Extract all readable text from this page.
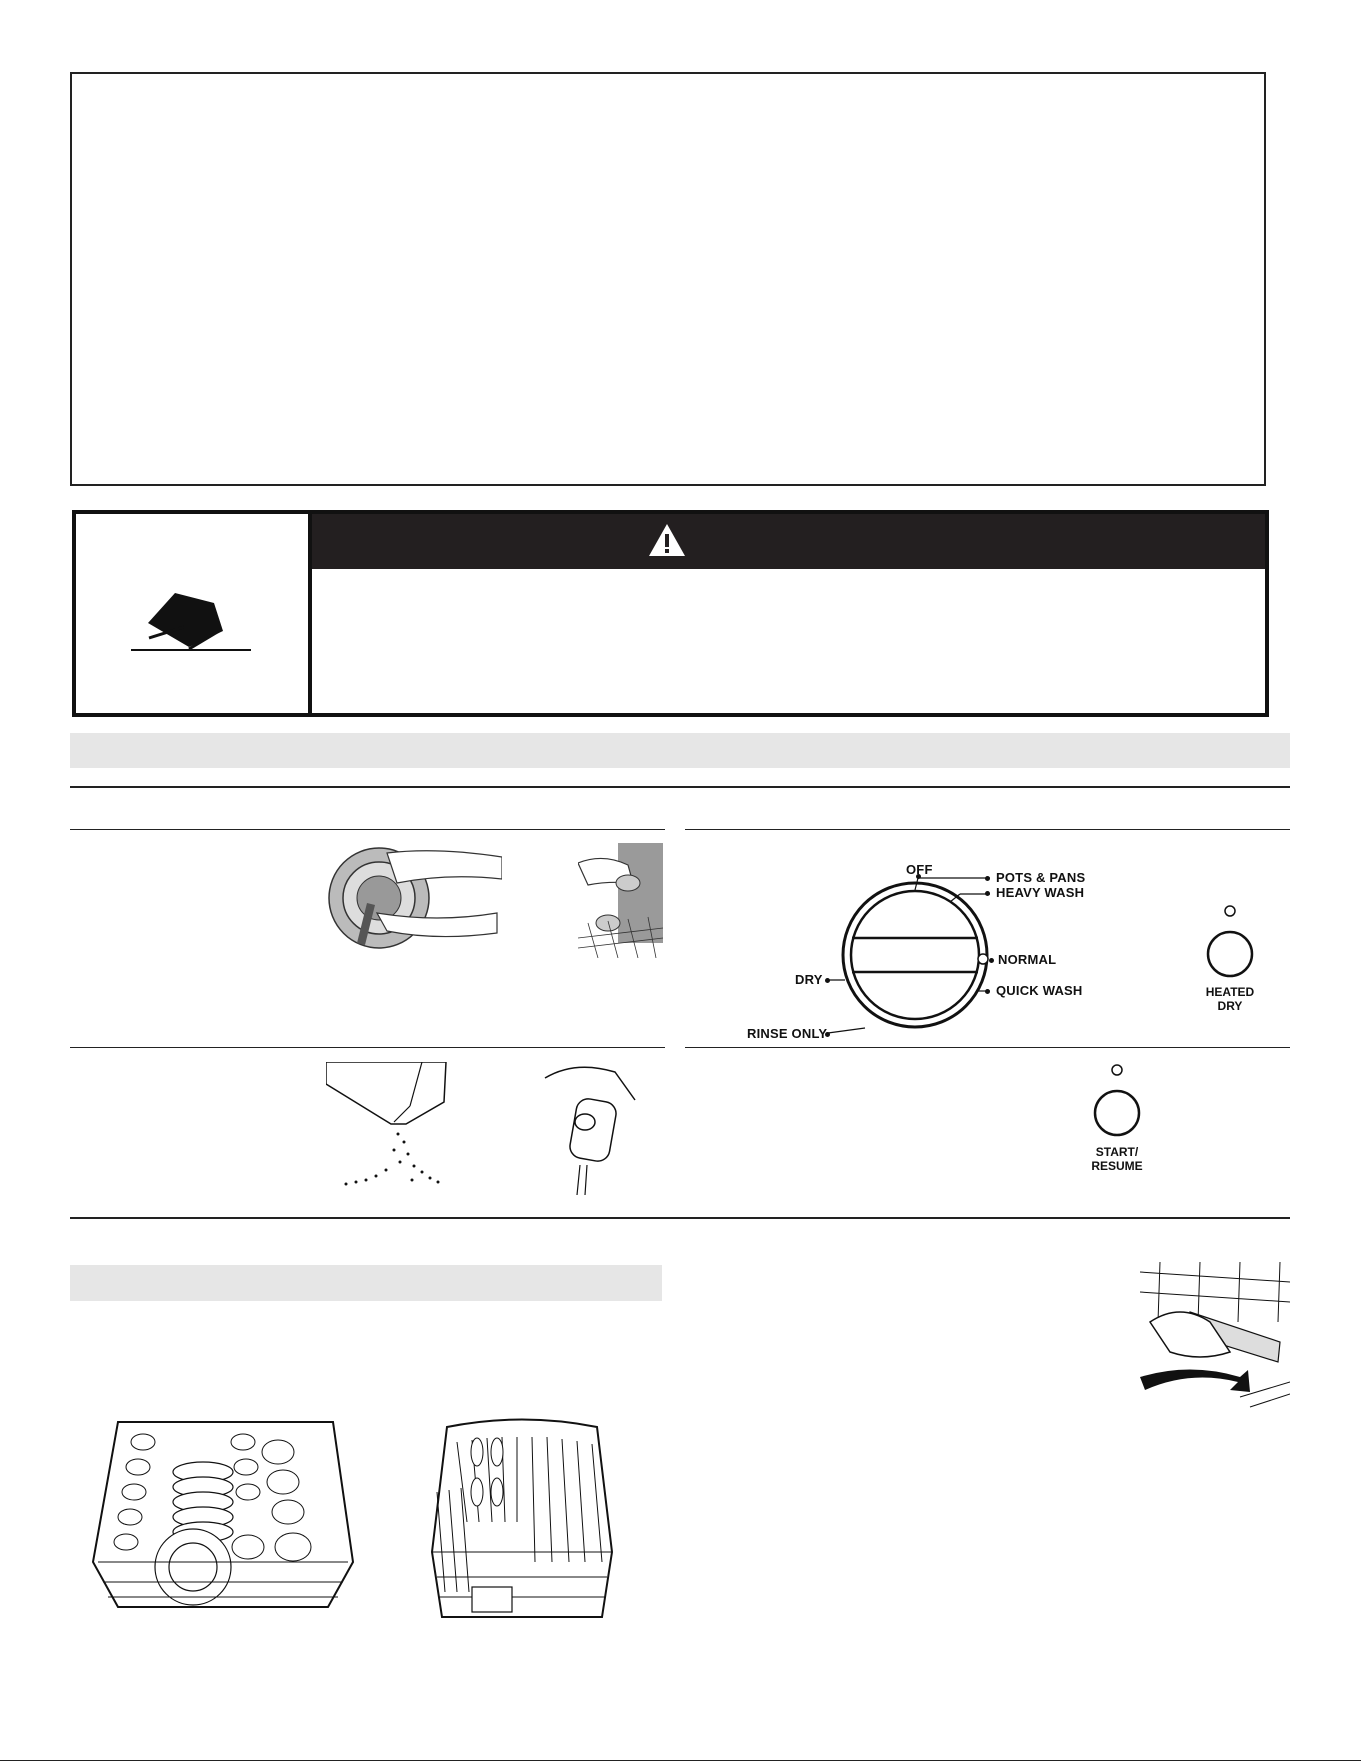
OFF
POTS & PANS
HEAVY WASH
NORMAL
QUICK WASH
DRY
RINSE ONLY
HEATED
DRY
START/
RESUME
